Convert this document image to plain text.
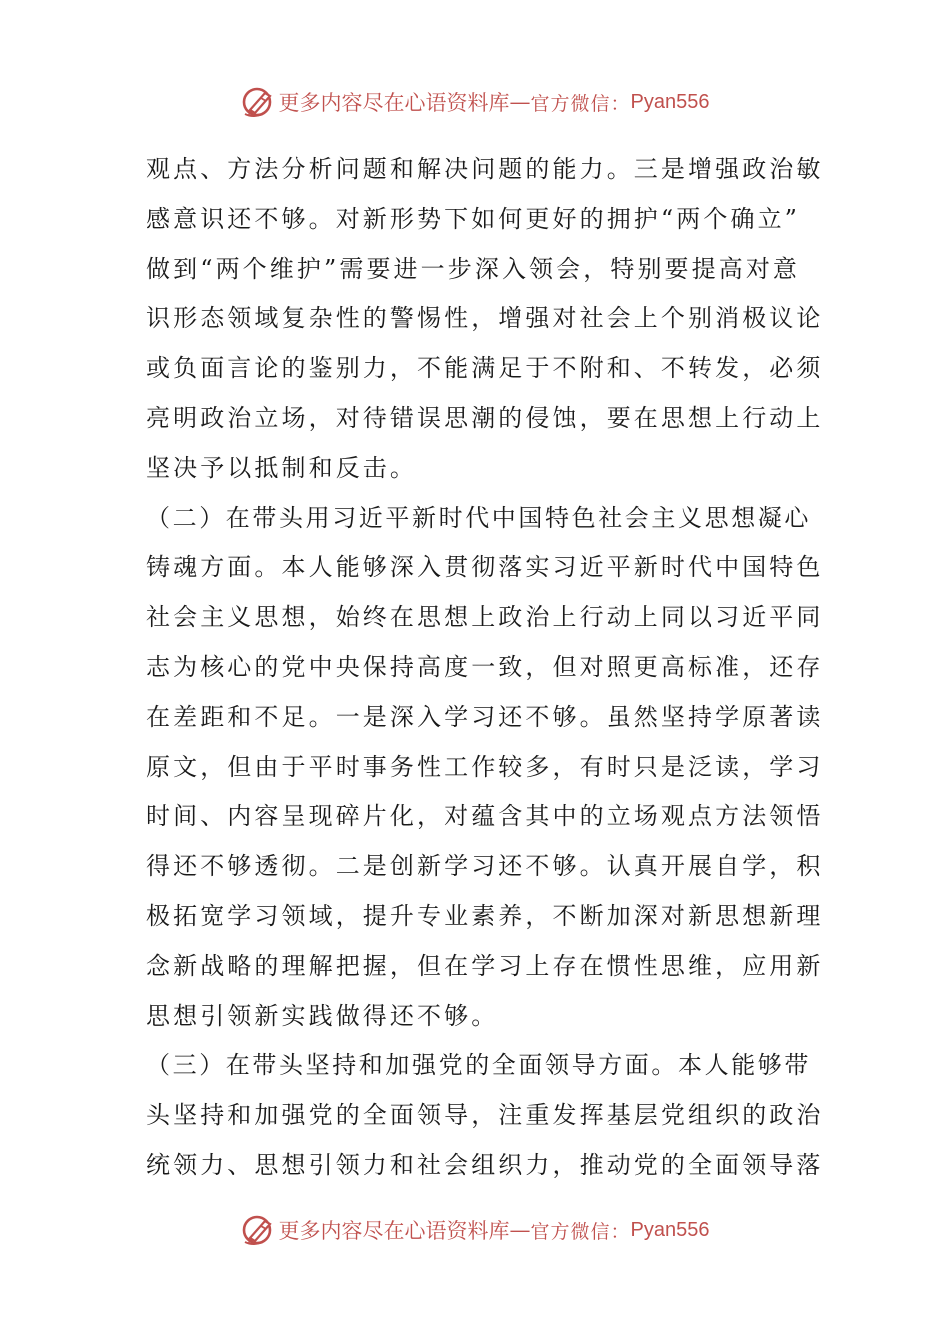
更多内容尽在心语资料库 — 官方微信： Pyan556
观点、方法分析问题和解决问题的能力。三是增强政治敏
感意识还不够。对新形势下如何更好的拥护“两个确立”
做到“两个维护”需要进一步深入领会，特别要提高对意
识形态领域复杂性的警惕性，增强对社会上个别消极议论
或负面言论的鉴别力，不能满足于不附和、不转发，必须
亮明政治立场，对待错误思潮的侵蚀，要在思想上行动上
坚决予以抵制和反击。
（二）在带头用习近平新时代中国特色社会主义思想凝心
铸魂方面。本人能够深入贯彻落实习近平新时代中国特色
社会主义思想，始终在思想上政治上行动上同以习近平同
志为核心的党中央保持高度一致，但对照更高标准，还存
在差距和不足。一是深入学习还不够。虽然坚持学原著读
原文，但由于平时事务性工作较多，有时只是泛读，学习
时间、内容呈现碎片化，对蕴含其中的立场观点方法领悟
得还不够透彻。二是创新学习还不够。认真开展自学，积
极拓宽学习领域，提升专业素养，不断加深对新思想新理
念新战略的理解把握，但在学习上存在惯性思维，应用新
思想引领新实践做得还不够。
（三）在带头坚持和加强党的全面领导方面。本人能够带
头坚持和加强党的全面领导，注重发挥基层党组织的政治
统领力、思想引领力和社会组织力，推动党的全面领导落
更多内容尽在心语资料库 — 官方微信： Pyan556
